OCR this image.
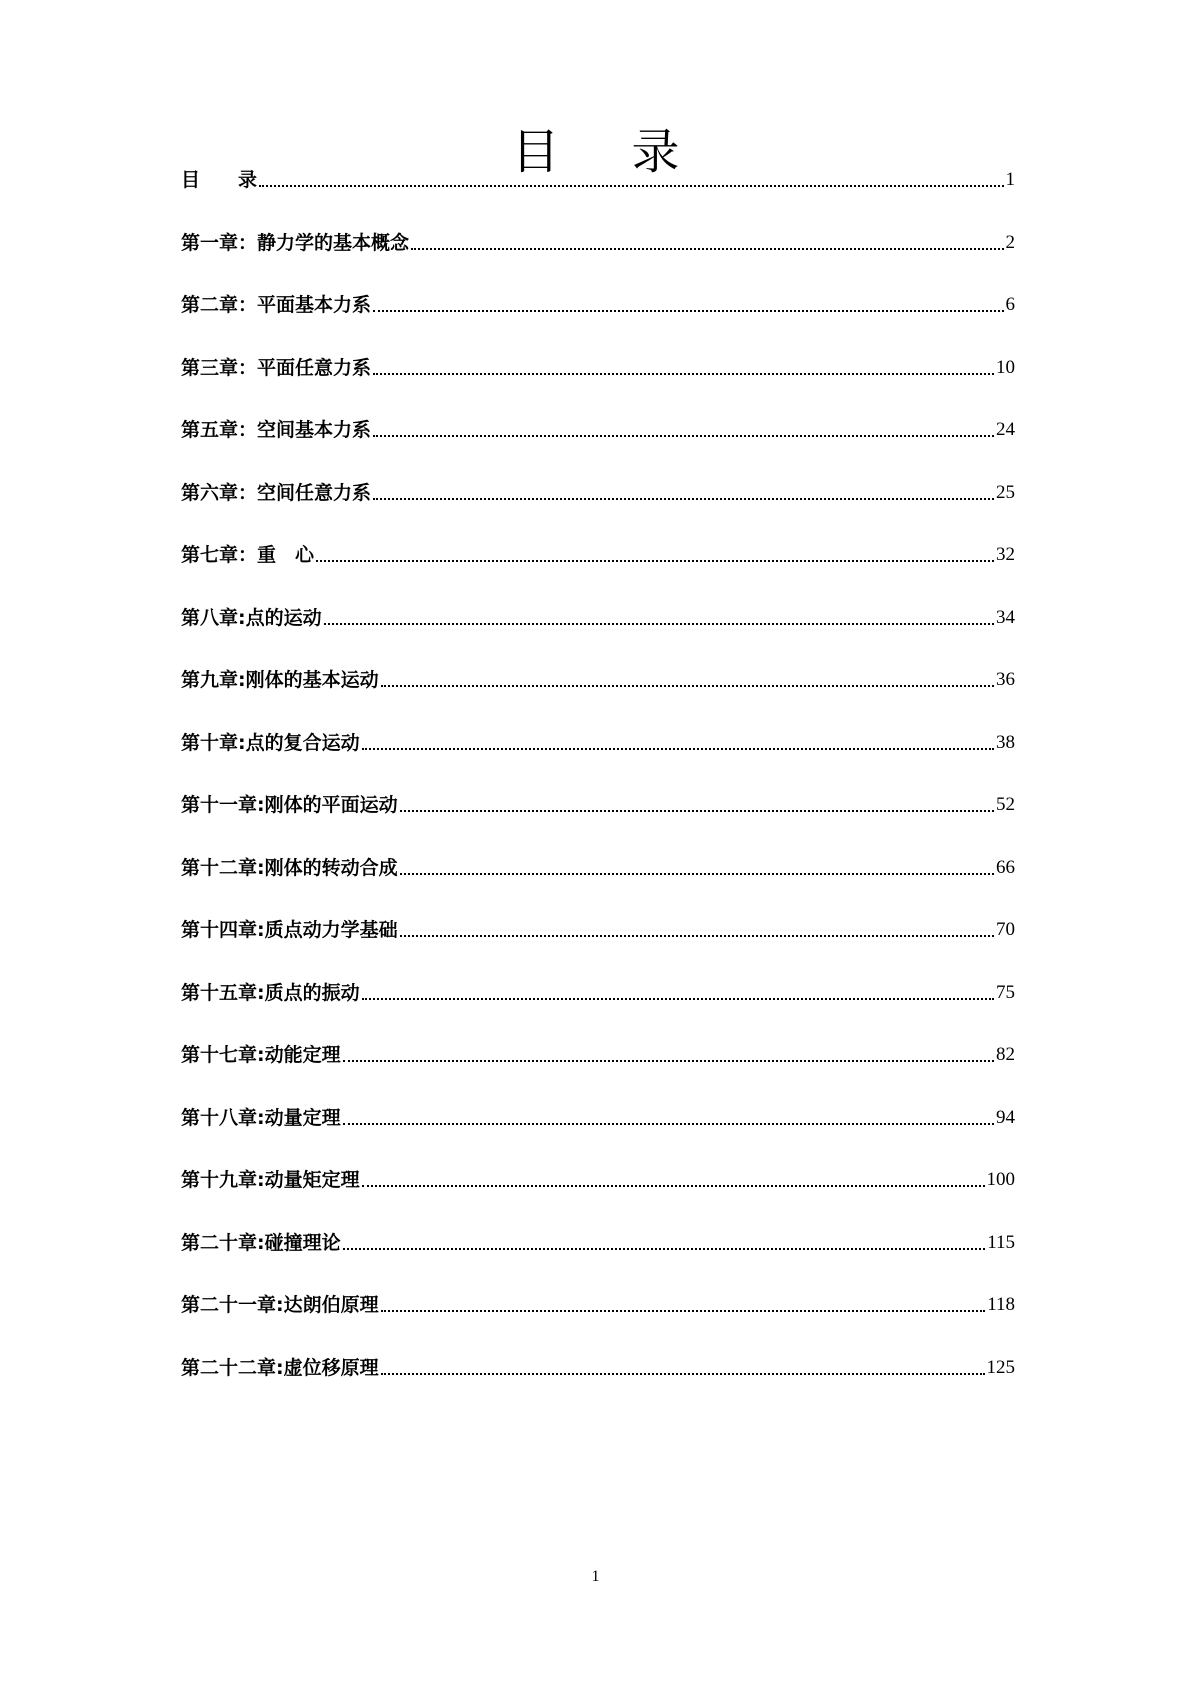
目 录
目　　录	1
第一章：静力学的基本概念	2
第二章：平面基本力系	6
第三章：平面任意力系	10
第五章：空间基本力系	24
第六章：空间任意力系	25
第七章：重　心	32
第八章:点的运动	34
第九章:刚体的基本运动	36
第十章:点的复合运动	38
第十一章:刚体的平面运动	52
第十二章:刚体的转动合成	66
第十四章:质点动力学基础	70
第十五章:质点的振动	75
第十七章:动能定理	82
第十八章:动量定理	94
第十九章:动量矩定理	100
第二十章:碰撞理论	115
第二十一章:达朗伯原理	118
第二十二章:虚位移原理	125
1
